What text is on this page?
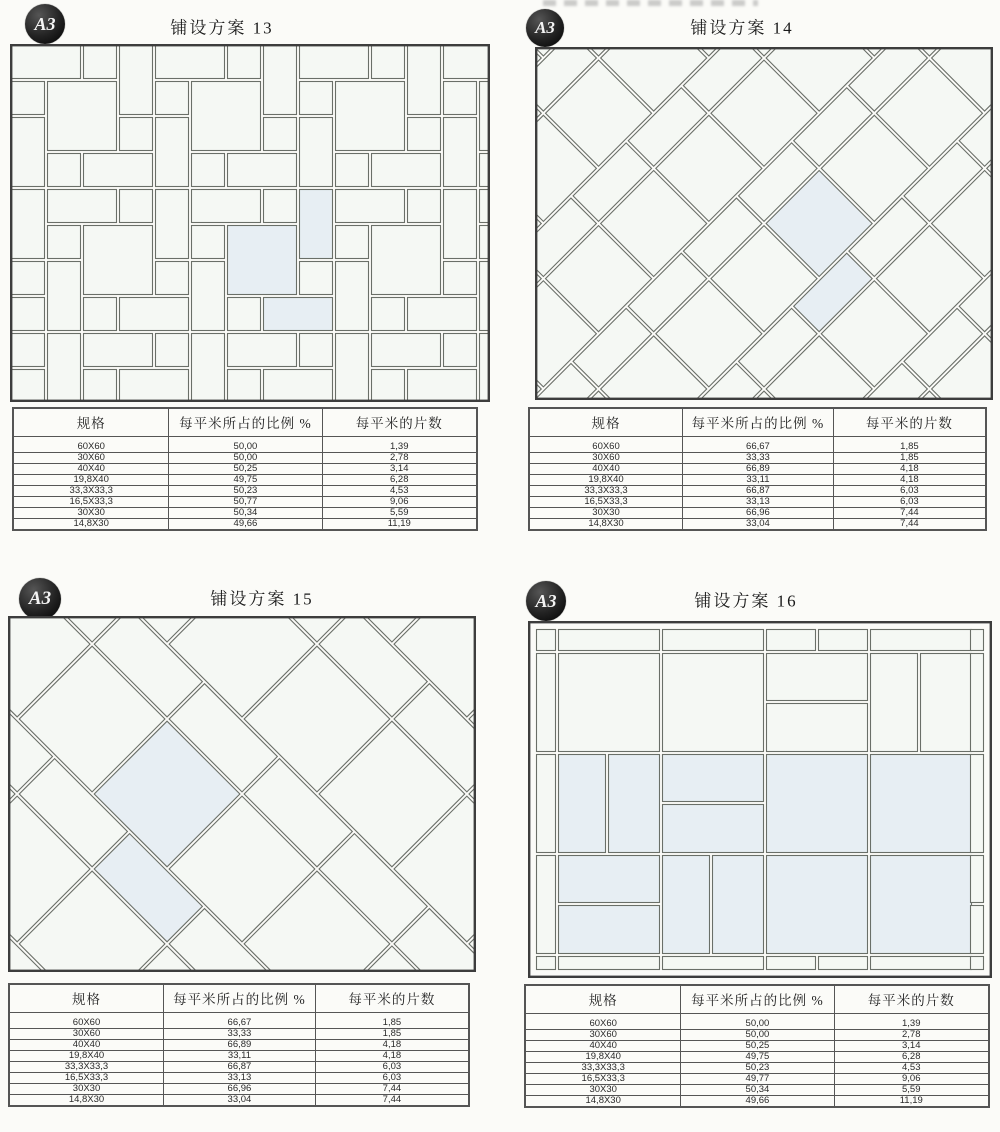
A3	铺设方案 13
规格	每平米所占的比例 %	每平米的片数

60X60	50,00	1,39
30X60	50,00	2,78
40X40	50,25	3,14
19,8X40	49,75	6,28
33,3X33,3	50,23	4,53
16,5X33,3	50,77	9,06
30X30	50,34	5,59
14,8X30	49,66	11,19
A3	铺设方案 14
规格	每平米所占的比例 %	每平米的片数

60X60	66,67	1,85
30X60	33,33	1,85
40X40	66,89	4,18
19,8X40	33,11	4,18
33,3X33,3	66,87	6,03
16,5X33,3	33,13	6,03
30X30	66,96	7,44
14,8X30	33,04	7,44
A3	铺设方案 15
规格	每平米所占的比例 %	每平米的片数

60X60	66,67	1,85
30X60	33,33	1,85
40X40	66,89	4,18
19,8X40	33,11	4,18
33,3X33,3	66,87	6,03
16,5X33,3	33,13	6,03
30X30	66,96	7,44
14,8X30	33,04	7,44
A3	铺设方案 16
规格	每平米所占的比例 %	每平米的片数

60X60	50,00	1,39
30X60	50,00	2,78
40X40	50,25	3,14
19,8X40	49,75	6,28
33,3X33,3	50,23	4,53
16,5X33,3	49,77	9,06
30X30	50,34	5,59
14,8X30	49,66	11,19
